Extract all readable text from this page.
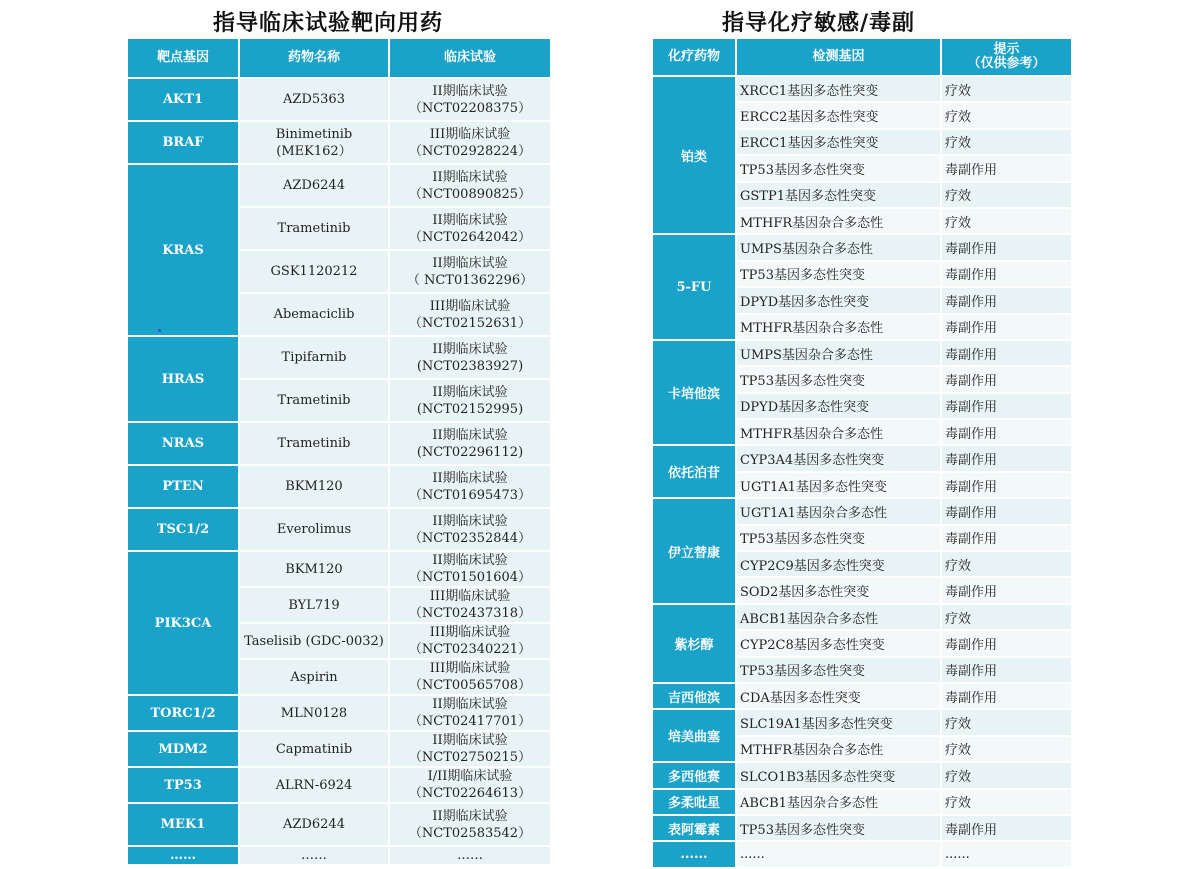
指导临床试验靶向用药	指导化疗敏感/毒副
靶点基因	药物名称	临床试验
AKT1	AZD5363	II期临床试验
（NCT02208375）

BRAF	Binimetinib (MEK162）	III期临床试验
（NCT02928224）

KRAS	AZD6244	II期临床试验
（NCT00890825）

	Trametinib	II期临床试验
（NCT02642042）

	GSK1120212	II期临床试验
（ NCT01362296）

	Abemaciclib	III期临床试验
（NCT02152631）

HRAS	Tipifarnib	II期临床试验
(NCT02383927)

	Trametinib	II期临床试验
(NCT02152995)

NRAS	Trametinib	II期临床试验
(NCT02296112)

PTEN	BKM120	II期临床试验
（NCT01695473）

TSC1/2	Everolimus	II期临床试验
（NCT02352844）

PIK3CA	BKM120	II期临床试验
（NCT01501604）

	BYL719	III期临床试验
（NCT02437318）

	Taselisib (GDC-0032)	III期临床试验
（NCT02340221）

	Aspirin	III期临床试验
（NCT00565708）

TORC1/2	MLN0128	II期临床试验
（NCT02417701）

MDM2	Capmatinib	II期临床试验
（NCT02750215）

TP53	ALRN-6924	I/II期临床试验
（NCT02264613）

MEK1	AZD6244	II期临床试验
（NCT02583542）

……	……	……
化疗药物	检测基因	提示
（仅供参考）

铂类	XRCC1基因多态性突变	疗效
	ERCC2基因多态性突变	疗效
	ERCC1基因多态性突变	疗效
	TP53基因多态性突变	毒副作用
	GSTP1基因多态性突变	疗效
	MTHFR基因杂合多态性	疗效
5-FU	UMPS基因杂合多态性	毒副作用
	TP53基因多态性突变	毒副作用
	DPYD基因多态性突变	毒副作用
	MTHFR基因杂合多态性	毒副作用
卡培他滨	UMPS基因杂合多态性	毒副作用
	TP53基因多态性突变	毒副作用
	DPYD基因多态性突变	毒副作用
	MTHFR基因杂合多态性	毒副作用
依托泊苷	CYP3A4基因多态性突变	毒副作用
	UGT1A1基因多态性突变	毒副作用
伊立替康	UGT1A1基因杂合多态性	毒副作用
	TP53基因多态性突变	毒副作用
	CYP2C9基因多态性突变	疗效
	SOD2基因多态性突变	毒副作用
紫杉醇	ABCB1基因杂合多态性	疗效
	CYP2C8基因多态性突变	毒副作用
	TP53基因多态性突变	毒副作用
吉西他滨	CDA基因多态性突变	毒副作用
培美曲塞	SLC19A1基因多态性突变	疗效
	MTHFR基因杂合多态性	疗效
多西他赛	SLCO1B3基因多态性突变	疗效
多柔吡星	ABCB1基因杂合多态性	疗效
表阿霉素	TP53基因多态性突变	毒副作用
......	......	......
